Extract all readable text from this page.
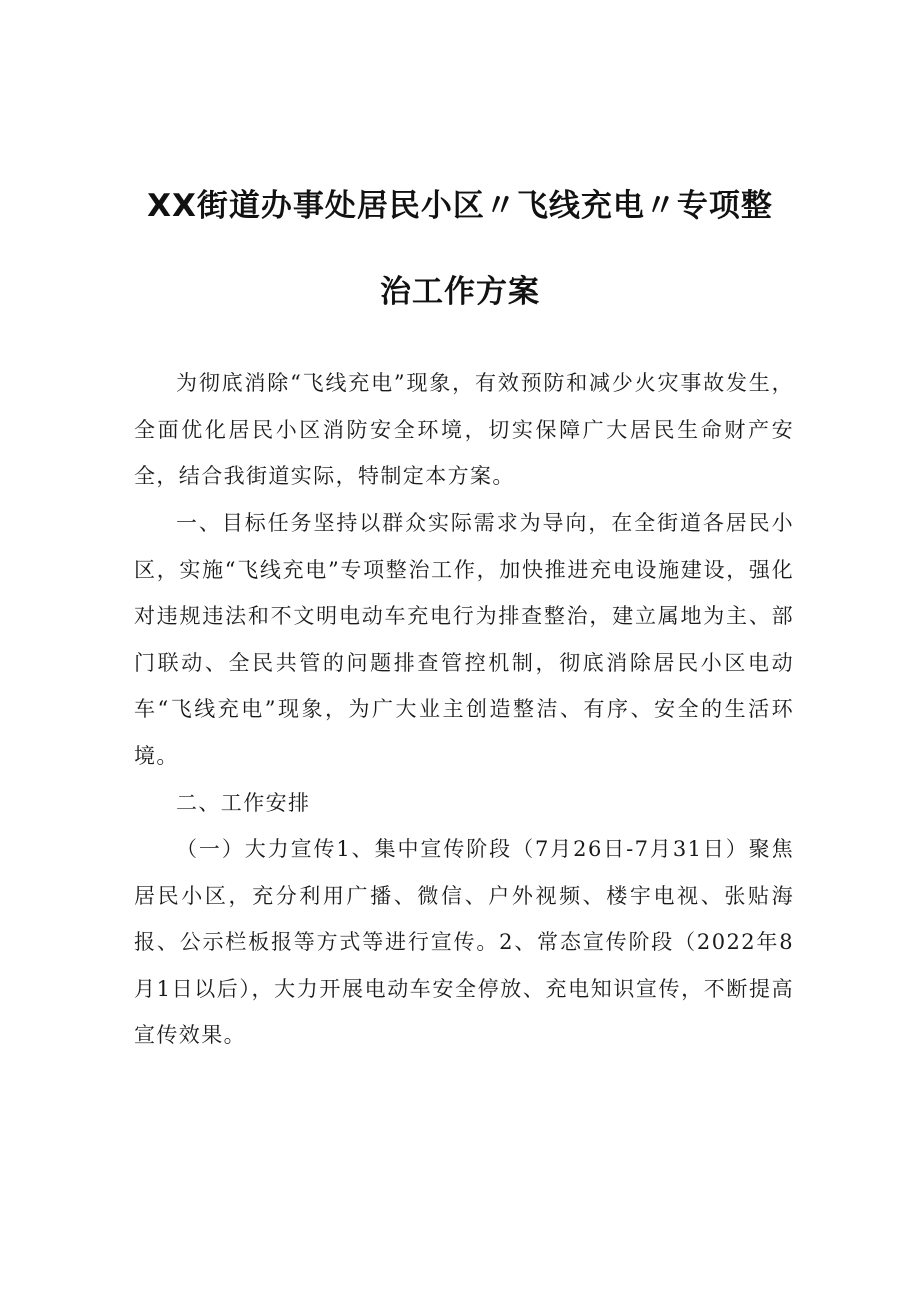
XX街道办事处居民小区〃飞线充电〃专项整
治工作方案

为彻底消除“飞线充电”现象，有效预防和减少火灾事故发生，全面优化居民小区消防安全环境，切实保障广大居民生命财产安全，结合我街道实际，特制定本方案。

一、目标任务坚持以群众实际需求为导向，在全街道各居民小区，实施“飞线充电”专项整治工作，加快推进充电设施建设，强化对违规违法和不文明电动车充电行为排查整治，建立属地为主、部门联动、全民共管的问题排查管控机制，彻底消除居民小区电动车“飞线充电”现象，为广大业主创造整洁、有序、安全的生活环境。

二、工作安排

（一）大力宣传1、集中宣传阶段（7月26日-7月31日）聚焦居民小区，充分利用广播、微信、户外视频、楼宇电视、张贴海报、公示栏板报等方式等进行宣传。2、常态宣传阶段（2022年8月1日以后），大力开展电动车安全停放、充电知识宣传，不断提高宣传效果。
